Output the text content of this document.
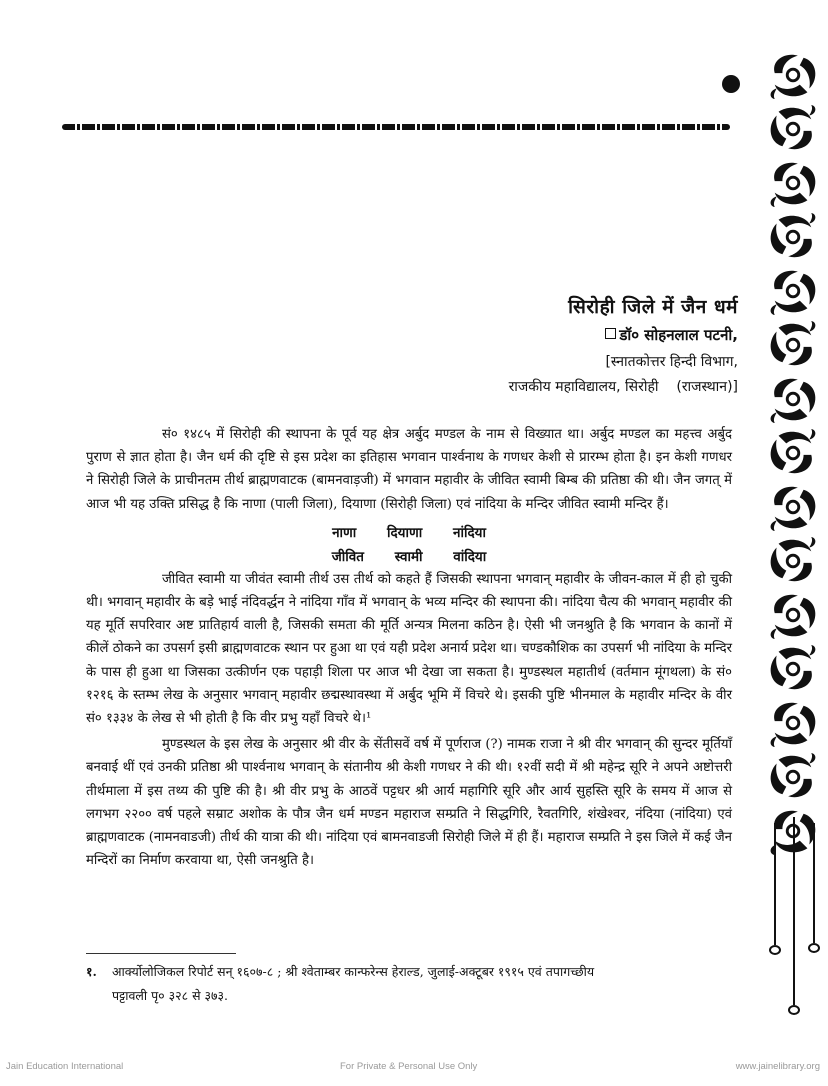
सिरोही जिले में जैन धर्म
डॉ० सोहनलाल पटनी,
[स्नातकोत्तर हिन्दी विभाग,
राजकीय महाविद्यालय, सिरोही    (राजस्थान)]

सं० १४८५ में सिरोही की स्थापना के पूर्व यह क्षेत्र अर्बुद मण्डल के नाम से विख्यात था। अर्बुद मण्डल का महत्त्व अर्बुद पुराण से ज्ञात होता है। जैन धर्म की दृष्टि से इस प्रदेश का इतिहास भगवान पार्श्वनाथ के गणधर केशी से प्रारम्भ होता है। इन केशी गणधर ने सिरोही जिले के प्राचीनतम तीर्थ ब्राह्मणवाटक (बामनवाड़जी) में भगवान महावीर के जीवित स्वामी बिम्ब की प्रतिष्ठा की थी। जैन जगत् में आज भी यह उक्ति प्रसिद्ध है कि नाणा (पाली जिला), दियाणा (सिरोही जिला) एवं नांदिया के मन्दिर जीवित स्वामी मन्दिर हैं।

नाणा दियाणा नांदिया

जीवित स्वामी वांदिया

जीवित स्वामी या जीवंत स्वामी तीर्थ उस तीर्थ को कहते हैं जिसकी स्थापना भगवान् महावीर के जीवन-काल में ही हो चुकी थी। भगवान् महावीर के बड़े भाई नंदिवर्द्धन ने नांदिया गाँव में भगवान् के भव्य मन्दिर की स्थापना की। नांदिया चैत्य की भगवान् महावीर की यह मूर्ति सपरिवार अष्ट प्रातिहार्य वाली है, जिसकी समता की मूर्ति अन्यत्र मिलना कठिन है। ऐसी भी जनश्रुति है कि भगवान के कानों में कीलें ठोकने का उपसर्ग इसी ब्राह्मणवाटक स्थान पर हुआ था एवं यही प्रदेश अनार्य प्रदेश था। चण्डकौशिक का उपसर्ग भी नांदिया के मन्दिर के पास ही हुआ था जिसका उत्कीर्णन एक पहाड़ी शिला पर आज भी देखा जा सकता है। मुण्डस्थल महातीर्थ (वर्तमान मूंगथला) के सं० १२१६ के स्तम्भ लेख के अनुसार भगवान् महावीर छद्मस्थावस्था में अर्बुद भूमि में विचरे थे। इसकी पुष्टि भीनमाल के महावीर मन्दिर के वीर सं० १३३४ के लेख से भी होती है कि वीर प्रभु यहाँ विचरे थे।¹

मुण्डस्थल के इस लेख के अनुसार श्री वीर के सेंतीसवें वर्ष में पूर्णराज (?) नामक राजा ने श्री वीर भगवान् की सुन्दर मूर्तियाँ बनवाई थीं एवं उनकी प्रतिष्ठा श्री पार्श्वनाथ भगवान् के संतानीय श्री केशी गणधर ने की थी। १२वीं सदी में श्री महेन्द्र सूरि ने अपने अष्टोत्तरी तीर्थमाला में इस तथ्य की पुष्टि की है। श्री वीर प्रभु के आठवें पट्टधर श्री आर्य महागिरि सूरि और आर्य सुहस्ति सूरि के समय में आज से लगभग २२०० वर्ष पहले सम्राट अशोक के पौत्र जैन धर्म मण्डन महाराज सम्प्रति ने सिद्धगिरि, रैवतगिरि, शंखेश्वर, नंदिया (नांदिया) एवं ब्राह्मणवाटक (नामनवाडजी) तीर्थ की यात्रा की थी। नांदिया एवं बामनवाडजी सिरोही जिले में ही हैं। महाराज सम्प्रति ने इस जिले में कई जैन मन्दिरों का निर्माण करवाया था, ऐसी जनश्रुति है।

१. आर्क्योलोजिकल रिपोर्ट सन् १६०७-८ ; श्री श्वेताम्बर कान्फरेन्स हेराल्ड, जुलाई-अक्टूबर १९१५ एवं तपागच्छीय
पट्टावली पृ० ३२८ से ३७३.
Jain Education International	For Private & Personal Use Only	www.jainelibrary.org
